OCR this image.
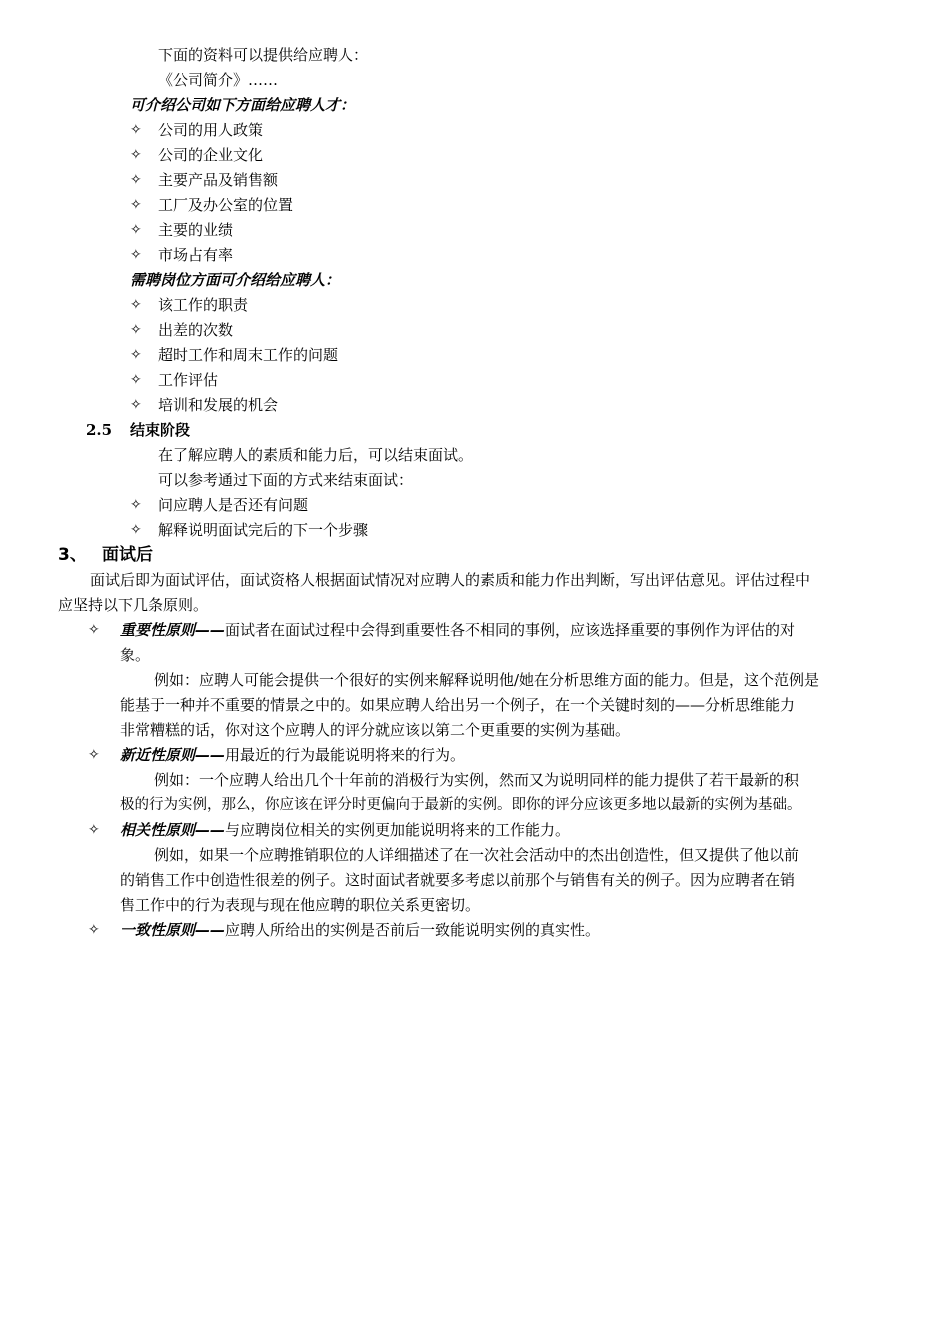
下面的资料可以提供给应聘人：
《公司简介》……
可介绍公司如下方面给应聘人才：
✧ 公司的用人政策
✧ 公司的企业文化
✧ 主要产品及销售额
✧ 工厂及办公室的位置
✧ 主要的业绩
✧ 市场占有率
需聘岗位方面可介绍给应聘人：
✧ 该工作的职责
✧ 出差的次数
✧ 超时工作和周末工作的问题
✧ 工作评估
✧ 培训和发展的机会
2.5 结束阶段
在了解应聘人的素质和能力后，可以结束面试。
可以参考通过下面的方式来结束面试：
✧ 问应聘人是否还有问题
✧ 解释说明面试完后的下一个步骤
3、 面试后
面试后即为面试评估，面试资格人根据面试情况对应聘人的素质和能力作出判断，写出评估意见。评估过程中
应坚持以下几条原则。
✧ 重要性原则——面试者在面试过程中会得到重要性各不相同的事例，应该选择重要的事例作为评估的对
象。
例如：应聘人可能会提供一个很好的实例来解释说明他/她在分析思维方面的能力。但是，这个范例是
能基于一种并不重要的情景之中的。如果应聘人给出另一个例子，在一个关键时刻的——分析思维能力
非常糟糕的话，你对这个应聘人的评分就应该以第二个更重要的实例为基础。
✧ 新近性原则——用最近的行为最能说明将来的行为。
例如：一个应聘人给出几个十年前的消极行为实例，然而又为说明同样的能力提供了若干最新的积
极的行为实例，那么，你应该在评分时更偏向于最新的实例。即你的评分应该更多地以最新的实例为基础。
✧ 相关性原则——与应聘岗位相关的实例更加能说明将来的工作能力。
例如，如果一个应聘推销职位的人详细描述了在一次社会活动中的杰出创造性，但又提供了他以前
的销售工作中创造性很差的例子。这时面试者就要多考虑以前那个与销售有关的例子。因为应聘者在销
售工作中的行为表现与现在他应聘的职位关系更密切。
✧ 一致性原则——应聘人所给出的实例是否前后一致能说明实例的真实性。
